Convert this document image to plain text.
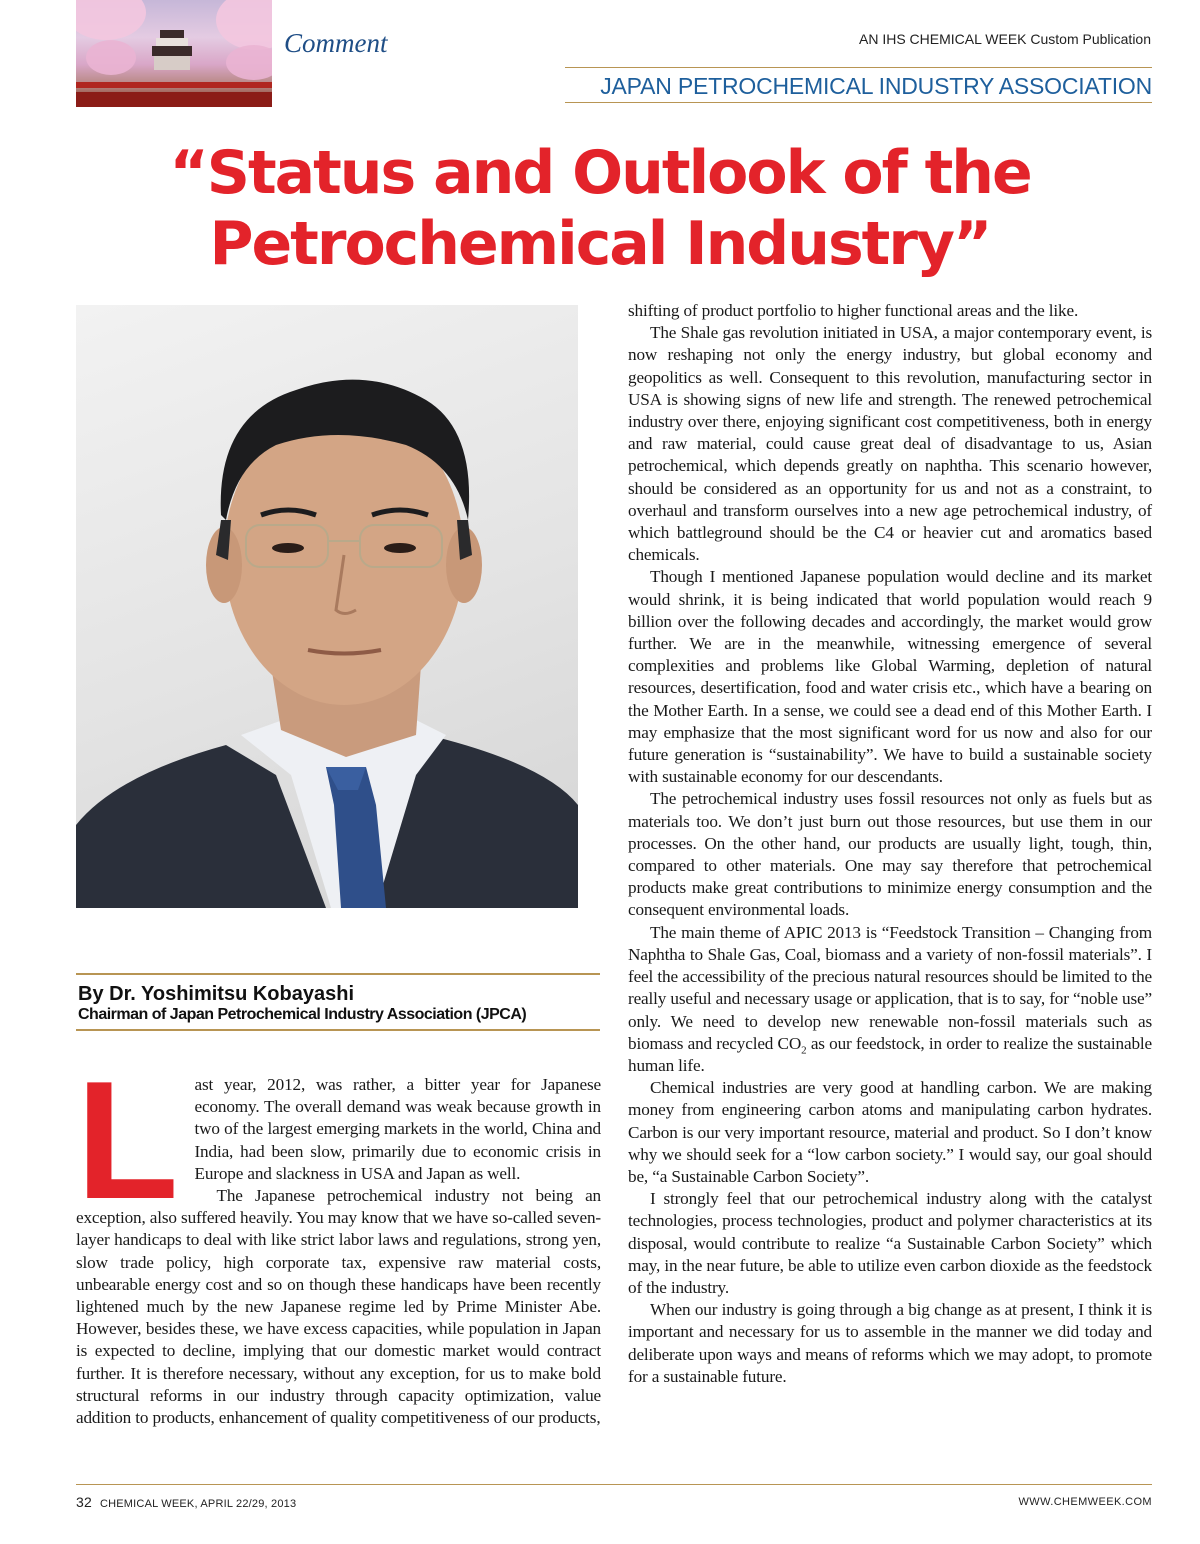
Comment	AN IHS CHEMICAL WEEK Custom Publication
JAPAN PETROCHEMICAL INDUSTRY ASSOCIATION
“Status and Outlook of the
Petrochemical Industry”
By Dr. Yoshimitsu Kobayashi
Chairman of Japan Petrochemical Industry Association (JPCA)

Last year, 2012, was rather, a bitter year for Japanese economy. The overall demand was weak because growth in two of the largest emerging markets in the world, China and India, had been slow, primarily due to economic crisis in Europe and slackness in USA and Japan as well.

The Japanese petrochemical industry not being an exception, also suffered heavily. You may know that we have so-called seven-layer handicaps to deal with like strict labor laws and regulations, strong yen, slow trade policy, high corporate tax, expensive raw material costs, unbearable energy cost and so on though these handicaps have been recently lightened much by the new Japanese regime led by Prime Minister Abe. However, besides these, we have excess capacities, while population in Japan is expected to decline, implying that our domestic market would contract further. It is therefore necessary, without any exception, for us to make bold structural reforms in our industry through capacity optimization, value addition to products, enhancement of quality competitiveness of our products,

shifting of product portfolio to higher functional areas and the like.

The Shale gas revolution initiated in USA, a major contemporary event, is now reshaping not only the energy industry, but global economy and geopolitics as well. Consequent to this revolution, manufacturing sector in USA is showing signs of new life and strength. The renewed petrochemical industry over there, enjoying significant cost competitiveness, both in energy and raw material, could cause great deal of disadvantage to us, Asian petrochemical, which depends greatly on naphtha. This scenario however, should be considered as an opportunity for us and not as a constraint, to overhaul and transform ourselves into a new age petrochemical industry, of which battleground should be the C4 or heavier cut and aromatics based chemicals.

Though I mentioned Japanese population would decline and its market would shrink, it is being indicated that world population would reach 9 billion over the following decades and accordingly, the market would grow further. We are in the meanwhile, witnessing emergence of several complexities and problems like Global Warming, depletion of natural resources, desertification, food and water crisis etc., which have a bearing on the Mother Earth. In a sense, we could see a dead end of this Mother Earth. I may emphasize that the most significant word for us now and also for our future generation is “sustainability”. We have to build a sustainable society with sustainable economy for our descendants.

The petrochemical industry uses fossil resources not only as fuels but as materials too. We don’t just burn out those resources, but use them in our processes. On the other hand, our products are usually light, tough, thin, compared to other materials. One may say therefore that petrochemical products make great contributions to minimize energy consumption and the consequent environmental loads.

The main theme of APIC 2013 is “Feedstock Transition – Changing from Naphtha to Shale Gas, Coal, biomass and a variety of non-fossil materials”. I feel the accessibility of the precious natural resources should be limited to the really useful and necessary usage or application, that is to say, for “noble use” only. We need to develop new renewable non-fossil materials such as biomass and recycled $CO_2$ as our feedstock, in order to realize the sustainable human life.

Chemical industries are very good at handling carbon. We are making money from engineering carbon atoms and manipulating carbon hydrates. Carbon is our very important resource, material and product. So I don’t know why we should seek for a “low carbon society.” I would say, our goal should be, “a Sustainable Carbon Society”.

I strongly feel that our petrochemical industry along with the catalyst technologies, process technologies, product and polymer characteristics at its disposal, would contribute to realize “a Sustainable Carbon Society” which may, in the near future, be able to utilize even carbon dioxide as the feedstock of the industry.

When our industry is going through a big change as at present, I think it is important and necessary for us to assemble in the manner we did today and deliberate upon ways and means of reforms which we may adopt, to promote for a sustainable future.

32 CHEMICAL WEEK, APRIL 22/29, 2013	WWW.CHEMWEEK.COM
